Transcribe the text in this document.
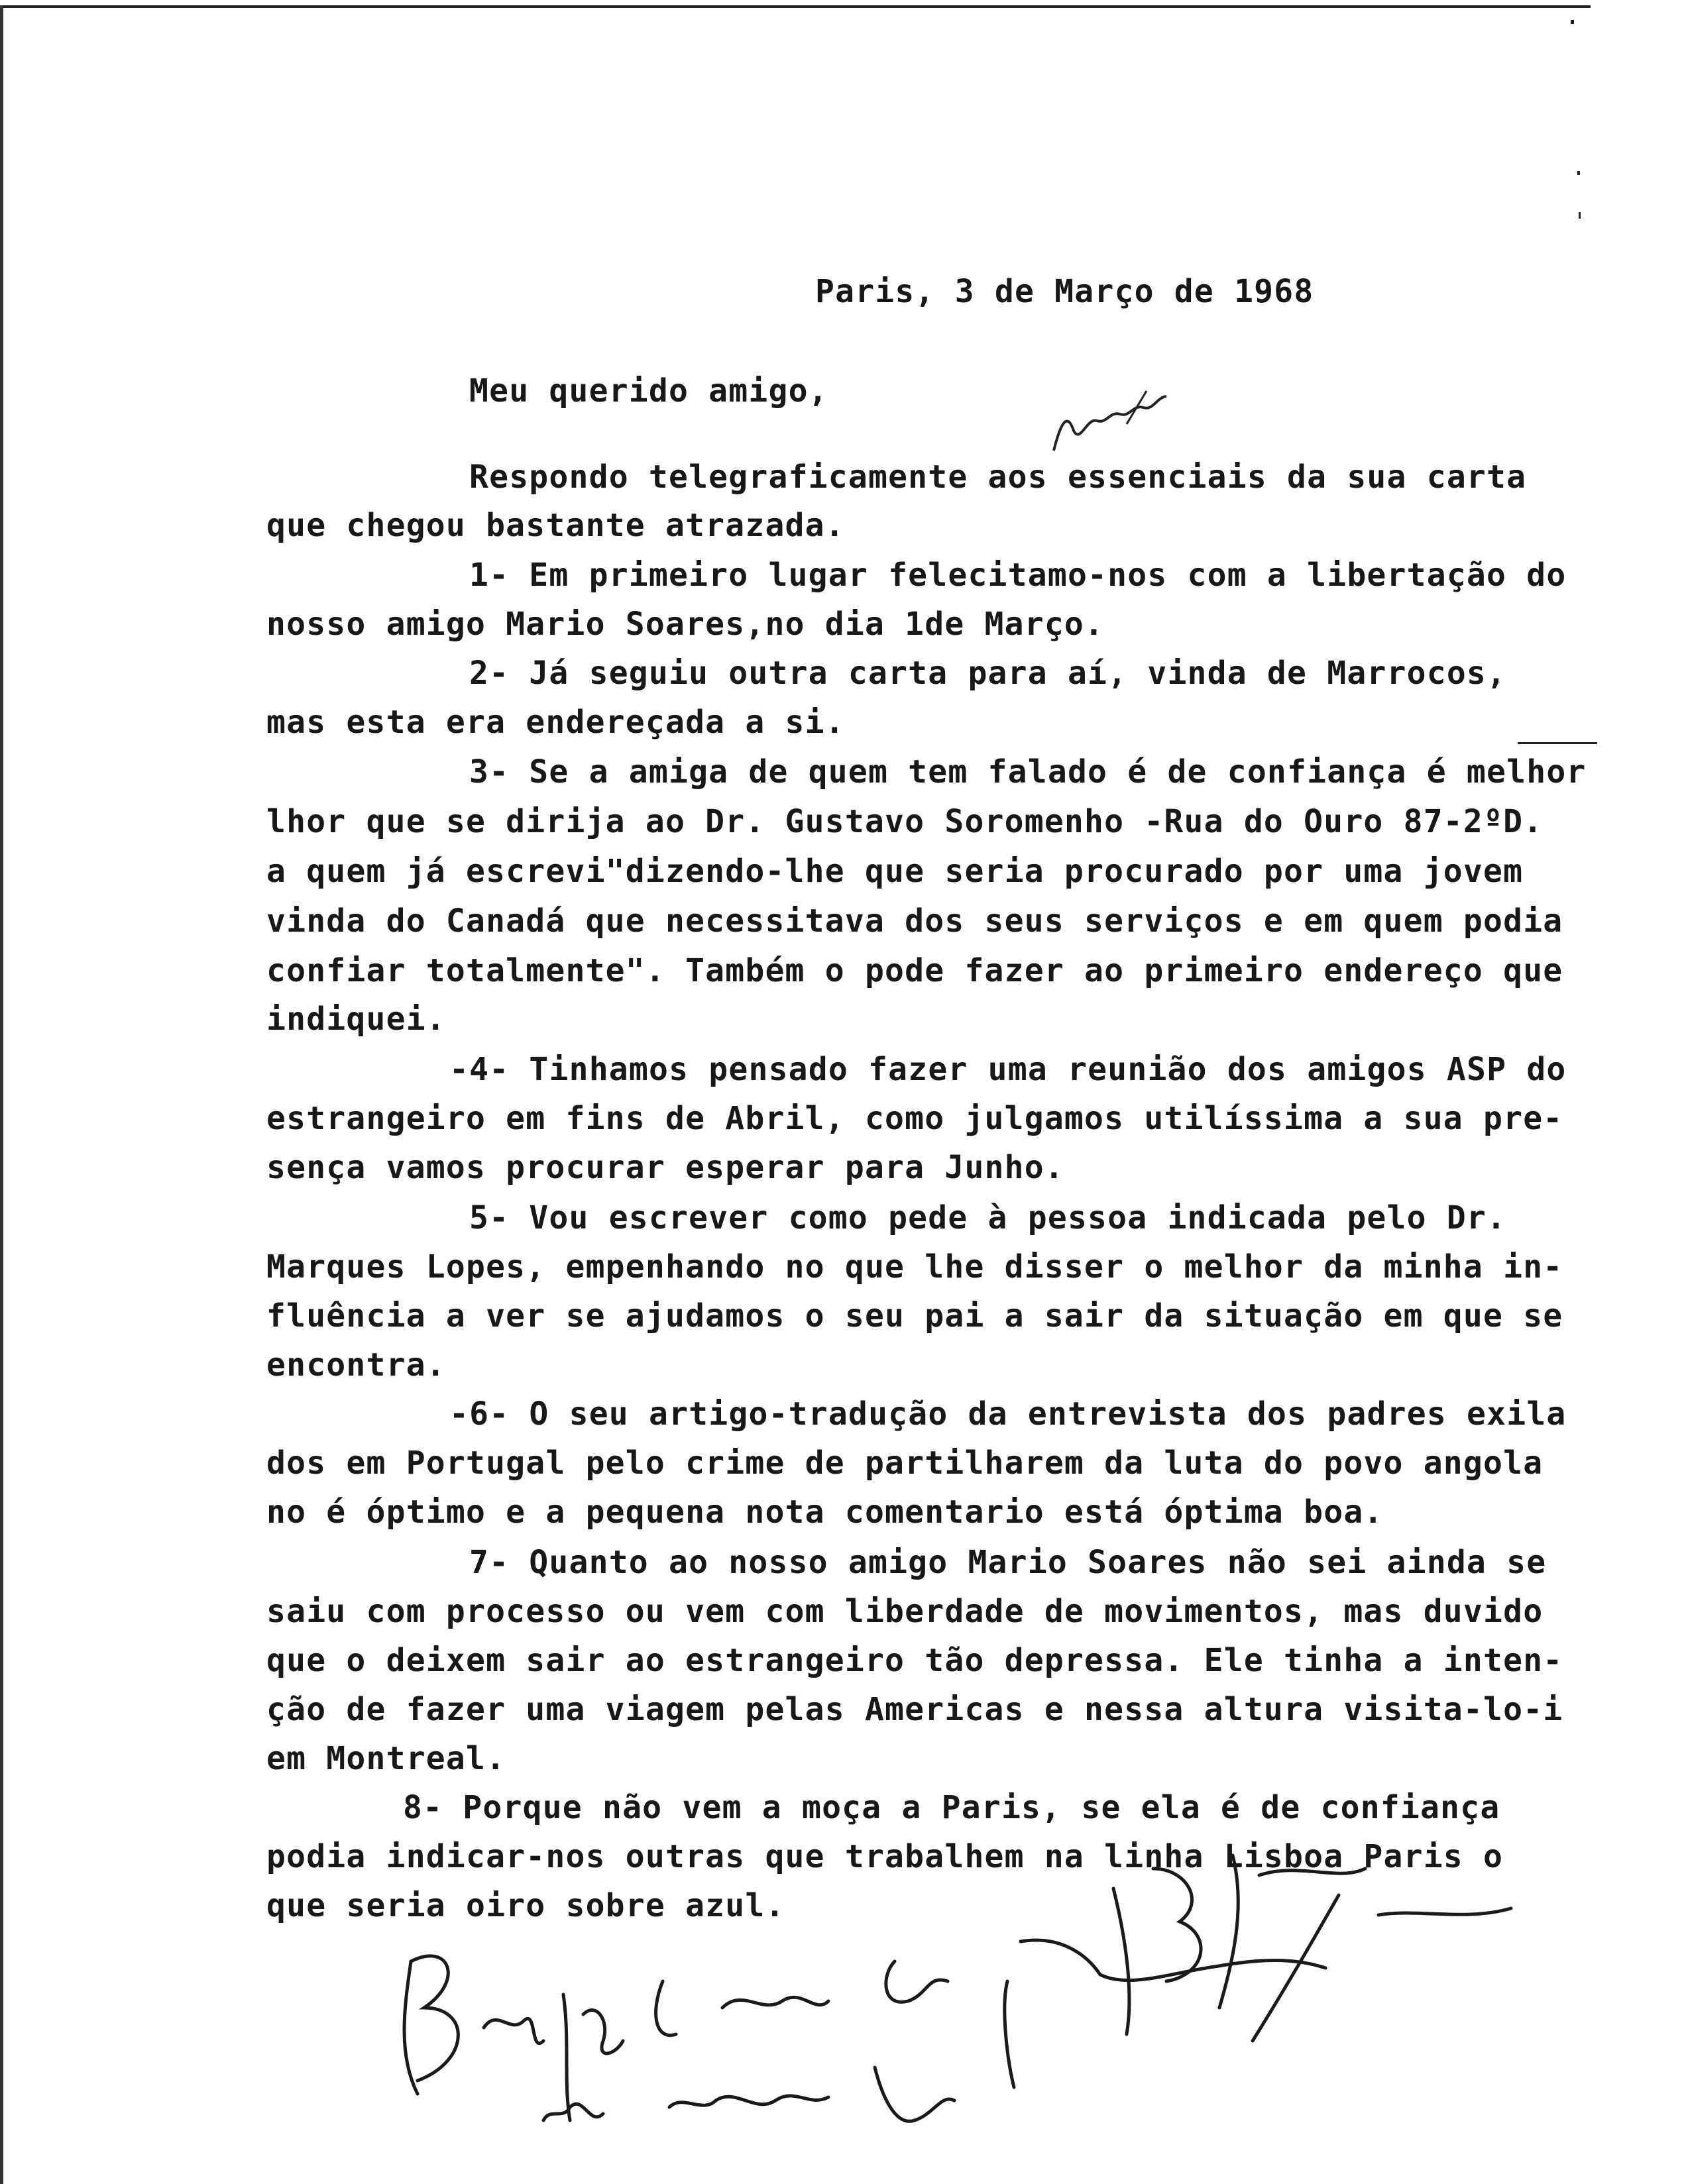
Paris, 3 de Março de 1968
Meu querido amigo,
Respondo telegraficamente aos essenciais da sua carta
que chegou bastante atrazada.
1- Em primeiro lugar felecitamo-nos com a libertação do
nosso amigo Mario Soares,no dia 1de Março.
2- Já seguiu outra carta para aí, vinda de Marrocos,
mas esta era endereçada a si.
3- Se a amiga de quem tem falado é de confiança é melhor
lhor que se dirija ao Dr. Gustavo Soromenho -Rua do Ouro 87-2ºD.
a quem já escrevi"dizendo-lhe que seria procurado por uma jovem
vinda do Canadá que necessitava dos seus serviços e em quem podia
confiar totalmente". Também o pode fazer ao primeiro endereço que
indiquei.
-4- Tinhamos pensado fazer uma reunião dos amigos ASP do
estrangeiro em fins de Abril, como julgamos utilíssima a sua pre-
sença vamos procurar esperar para Junho.
5- Vou escrever como pede à pessoa indicada pelo Dr.
Marques Lopes, empenhando no que lhe disser o melhor da minha in-
fluência a ver se ajudamos o seu pai a sair da situação em que se
encontra.
-6- O seu artigo-tradução da entrevista dos padres exila
dos em Portugal pelo crime de partilharem da luta do povo angola
no é óptimo e a pequena nota comentario está óptima boa.
7- Quanto ao nosso amigo Mario Soares não sei ainda se
saiu com processo ou vem com liberdade de movimentos, mas duvido
que o deixem sair ao estrangeiro tão depressa. Ele tinha a inten-
ção de fazer uma viagem pelas Americas e nessa altura visita-lo-i
em Montreal.
8- Porque não vem a moça a Paris, se ela é de confiança
podia indicar-nos outras que trabalhem na linha Lisboa Paris o
que seria oiro sobre azul.
